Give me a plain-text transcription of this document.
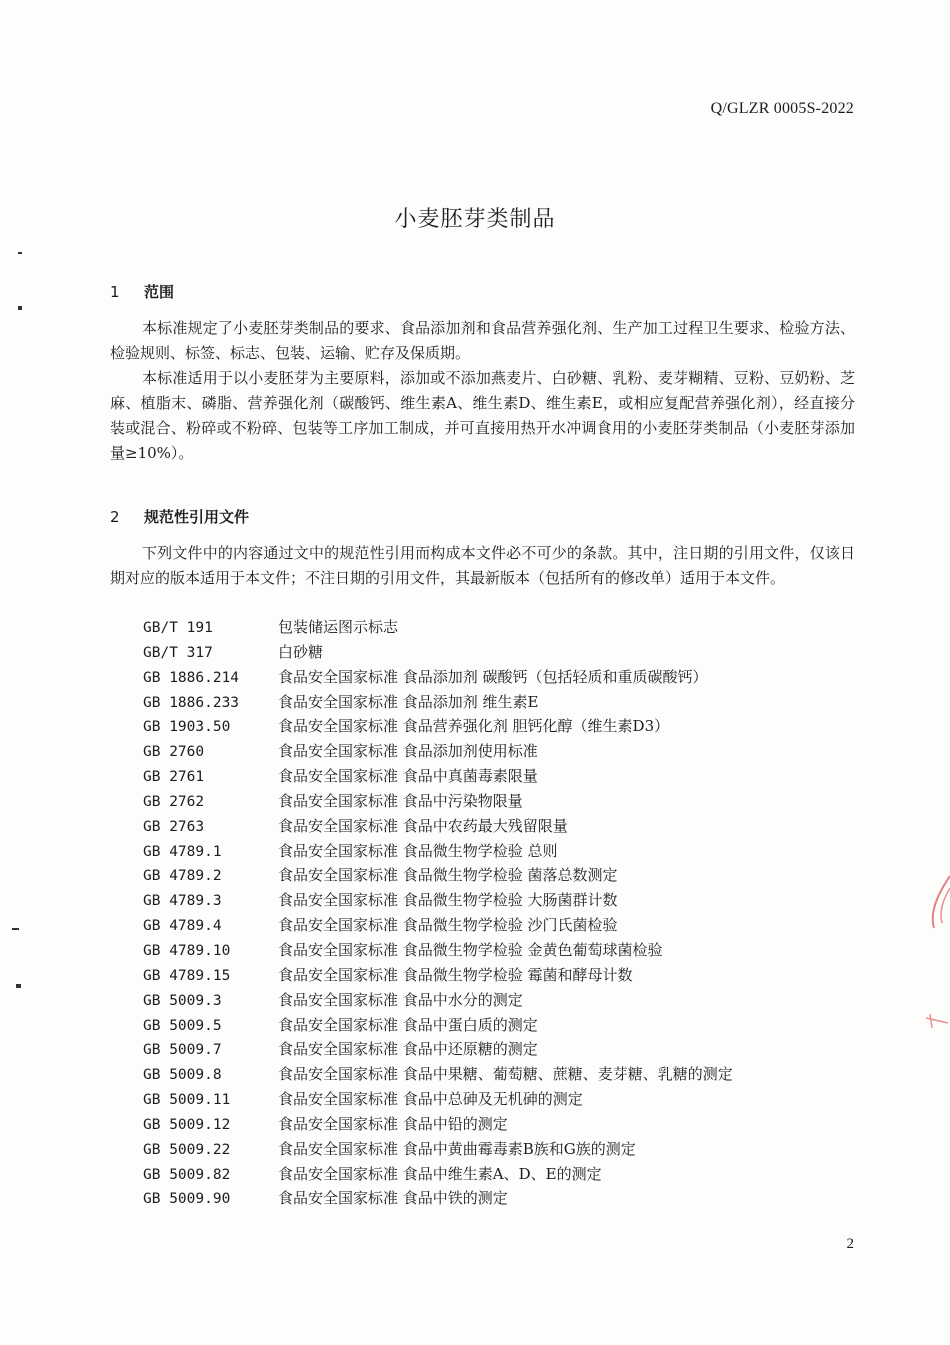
Q/GLZR 0005S-2022
小麦胚芽类制品
1 范围
本标准规定了小麦胚芽类制品的要求、食品添加剂和食品营养强化剂、生产加工过程卫生要求、检验方法、检验规则、标签、标志、包装、运输、贮存及保质期。
本标准适用于以小麦胚芽为主要原料，添加或不添加燕麦片、白砂糖、乳粉、麦芽糊精、豆粉、豆奶粉、芝麻、植脂末、磷脂、营养强化剂（碳酸钙、维生素A、维生素D、维生素E，或相应复配营养强化剂），经直接分装或混合、粉碎或不粉碎、包装等工序加工制成，并可直接用热开水冲调食用的小麦胚芽类制品（小麦胚芽添加量≥10%）。
2 规范性引用文件
下列文件中的内容通过文中的规范性引用而构成本文件必不可少的条款。其中，注日期的引用文件，仅该日期对应的版本适用于本文件；不注日期的引用文件，其最新版本（包括所有的修改单）适用于本文件。
GB/T 191	包装储运图示标志
GB/T 317	白砂糖
GB 1886.214	食品安全国家标准 食品添加剂 碳酸钙（包括轻质和重质碳酸钙）
GB 1886.233	食品安全国家标准 食品添加剂 维生素E
GB 1903.50	食品安全国家标准 食品营养强化剂 胆钙化醇（维生素D3）
GB 2760	食品安全国家标准 食品添加剂使用标准
GB 2761	食品安全国家标准 食品中真菌毒素限量
GB 2762	食品安全国家标准 食品中污染物限量
GB 2763	食品安全国家标准 食品中农药最大残留限量
GB 4789.1	食品安全国家标准 食品微生物学检验 总则
GB 4789.2	食品安全国家标准 食品微生物学检验 菌落总数测定
GB 4789.3	食品安全国家标准 食品微生物学检验 大肠菌群计数
GB 4789.4	食品安全国家标准 食品微生物学检验 沙门氏菌检验
GB 4789.10	食品安全国家标准 食品微生物学检验 金黄色葡萄球菌检验
GB 4789.15	食品安全国家标准 食品微生物学检验 霉菌和酵母计数
GB 5009.3	食品安全国家标准 食品中水分的测定
GB 5009.5	食品安全国家标准 食品中蛋白质的测定
GB 5009.7	食品安全国家标准 食品中还原糖的测定
GB 5009.8	食品安全国家标准 食品中果糖、葡萄糖、蔗糖、麦芽糖、乳糖的测定
GB 5009.11	食品安全国家标准 食品中总砷及无机砷的测定
GB 5009.12	食品安全国家标准 食品中铅的测定
GB 5009.22	食品安全国家标准 食品中黄曲霉毒素B族和G族的测定
GB 5009.82	食品安全国家标准 食品中维生素A、D、E的测定
GB 5009.90	食品安全国家标准 食品中铁的测定
2
